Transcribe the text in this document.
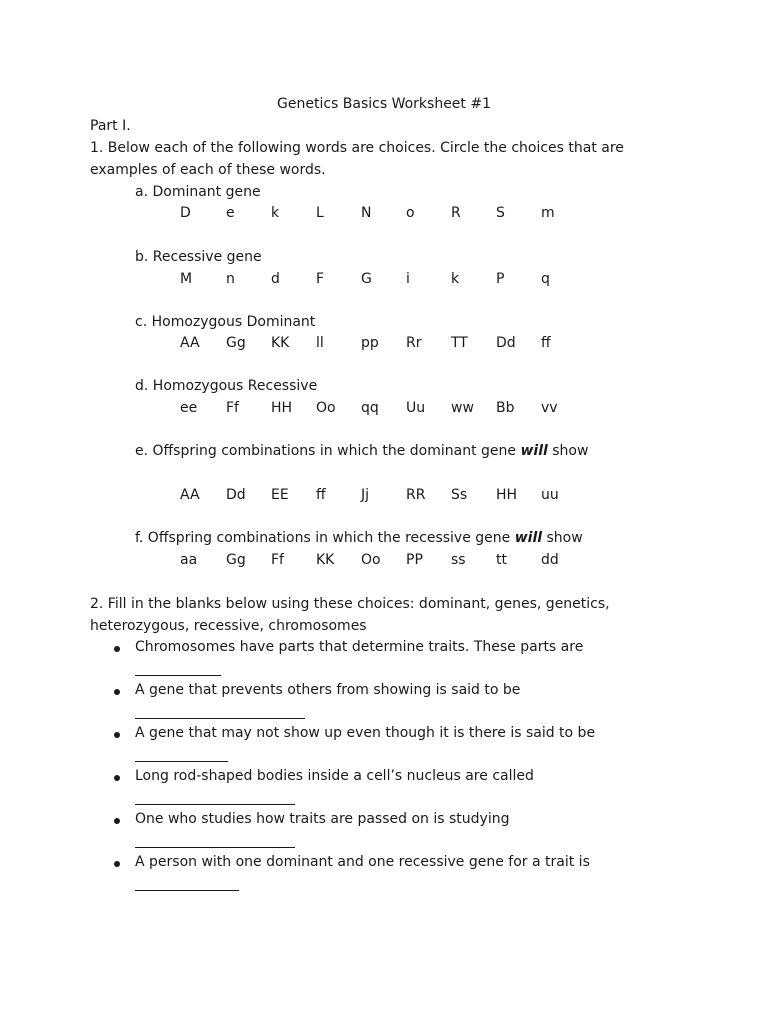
Genetics Basics Worksheet #1
Part I.
1. Below each of the following words are choices. Circle the choices that are
examples of each of these words.
a. Dominant gene
D	e	k	L	N o	R	S	m
b. Recessive gene
M n	d	F	G i	k	P	q
c. Homozygous Dominant
AA Gg KK ll	pp Rr TT Dd ff
d. Homozygous Recessive
ee Ff HH Oo qq Uu ww Bb vv
e. Offspring combinations in which the dominant gene will show
AA Dd EE ff	Jj	RR Ss HH uu
f. Offspring combinations in which the recessive gene will show
aa Gg Ff KK Oo PP ss tt dd
2. Fill in the blanks below using these choices: dominant, genes, genetics,
heterozygous, recessive, chromosomes
Chromosomes have parts that determine traits. These parts are
A gene that prevents others from showing is said to be
A gene that may not show up even though it is there is said to be
Long rod-shaped bodies inside a cell’s nucleus are called
One who studies how traits are passed on is studying
A person with one dominant and one recessive gene for a trait is
